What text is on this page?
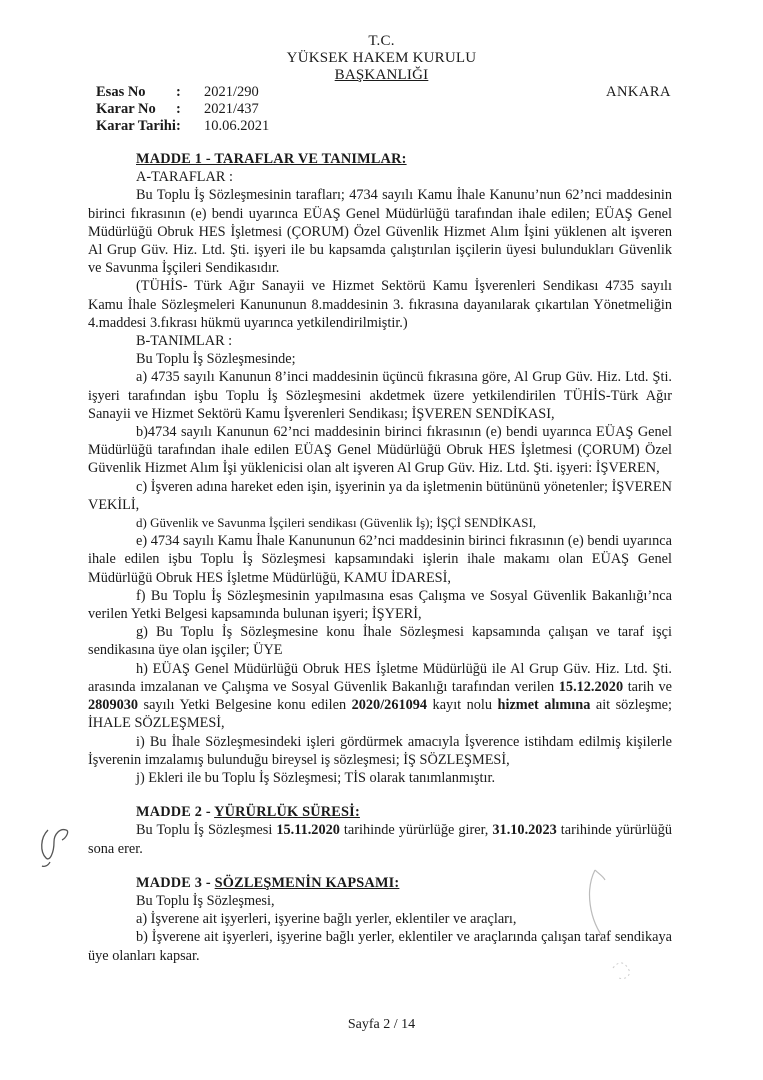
T.C.
YÜKSEK HAKEM KURULU
BAŞKANLIĞI
Esas No : 2021/290
Karar No : 2021/437
Karar Tarihi: 10.06.2021
ANKARA

MADDE 1 - TARAFLAR VE TANIMLAR:

A-TARAFLAR :

Bu Toplu İş Sözleşmesinin tarafları; 4734 sayılı Kamu İhale Kanunu’nun 62’nci maddesinin birinci fıkrasının (e) bendi uyarınca EÜAŞ Genel Müdürlüğü tarafından ihale edilen; EÜAŞ Genel Müdürlüğü Obruk HES İşletmesi (ÇORUM) Özel Güvenlik Hizmet Alım İşini yüklenen alt işveren Al Grup Güv. Hiz. Ltd. Şti. işyeri ile bu kapsamda çalıştırılan işçilerin üyesi bulundukları Güvenlik ve Savunma İşçileri Sendikasıdır.

(TÜHİS- Türk Ağır Sanayii ve Hizmet Sektörü Kamu İşverenleri Sendikası 4735 sayılı Kamu İhale Sözleşmeleri Kanununun 8.maddesinin 3. fıkrasına dayanılarak çıkartılan Yönetmeliğin 4.maddesi 3.fıkrası hükmü uyarınca yetkilendirilmiştir.)

B-TANIMLAR :

Bu Toplu İş Sözleşmesinde;

a) 4735 sayılı Kanunun 8’inci maddesinin üçüncü fıkrasına göre, Al Grup Güv. Hiz. Ltd. Şti. işyeri tarafından işbu Toplu İş Sözleşmesini akdetmek üzere yetkilendirilen TÜHİS-Türk Ağır Sanayii ve Hizmet Sektörü Kamu İşverenleri Sendikası; İŞVEREN SENDİKASI,

b)4734 sayılı Kanunun 62’nci maddesinin birinci fıkrasının (e) bendi uyarınca EÜAŞ Genel Müdürlüğü tarafından ihale edilen EÜAŞ Genel Müdürlüğü Obruk HES İşletmesi (ÇORUM) Özel Güvenlik Hizmet Alım İşi yüklenicisi olan alt işveren Al Grup Güv. Hiz. Ltd. Şti. işyeri: İŞVEREN,

c) İşveren adına hareket eden işin, işyerinin ya da işletmenin bütününü yönetenler; İŞVEREN VEKİLİ,

d) Güvenlik ve Savunma İşçileri sendikası (Güvenlik İş); İŞÇİ SENDİKASI,

e) 4734 sayılı Kamu İhale Kanununun 62’nci maddesinin birinci fıkrasının (e) bendi uyarınca ihale edilen işbu Toplu İş Sözleşmesi kapsamındaki işlerin ihale makamı olan EÜAŞ Genel Müdürlüğü Obruk HES İşletme Müdürlüğü, KAMU İDARESİ,

f) Bu Toplu İş Sözleşmesinin yapılmasına esas Çalışma ve Sosyal Güvenlik Bakanlığı’nca verilen Yetki Belgesi kapsamında bulunan işyeri; İŞYERİ,

g) Bu Toplu İş Sözleşmesine konu İhale Sözleşmesi kapsamında çalışan ve taraf işçi sendikasına üye olan işçiler; ÜYE

h) EÜAŞ Genel Müdürlüğü Obruk HES İşletme Müdürlüğü ile Al Grup Güv. Hiz. Ltd. Şti. arasında imzalanan ve Çalışma ve Sosyal Güvenlik Bakanlığı tarafından verilen 15.12.2020 tarih ve 2809030 sayılı Yetki Belgesine konu edilen 2020/261094 kayıt nolu hizmet alımına ait sözleşme; İHALE SÖZLEŞMESİ,

i) Bu İhale Sözleşmesindeki işleri gördürmek amacıyla İşverence istihdam edilmiş kişilerle İşverenin imzalamış bulunduğu bireysel iş sözleşmesi; İŞ SÖZLEŞMESİ,

j) Ekleri ile bu Toplu İş Sözleşmesi; TİS olarak tanımlanmıştır.

MADDE 2 - YÜRÜRLÜK SÜRESİ:

Bu Toplu İş Sözleşmesi 15.11.2020 tarihinde yürürlüğe girer, 31.10.2023 tarihinde yürürlüğü sona erer.

MADDE 3 - SÖZLEŞMENİN KAPSAMI:

Bu Toplu İş Sözleşmesi,

a) İşverene ait işyerleri, işyerine bağlı yerler, eklentiler ve araçları,

b) İşverene ait işyerleri, işyerine bağlı yerler, eklentiler ve araçlarında çalışan taraf sendikaya üye olanları kapsar.

Sayfa 2 / 14
